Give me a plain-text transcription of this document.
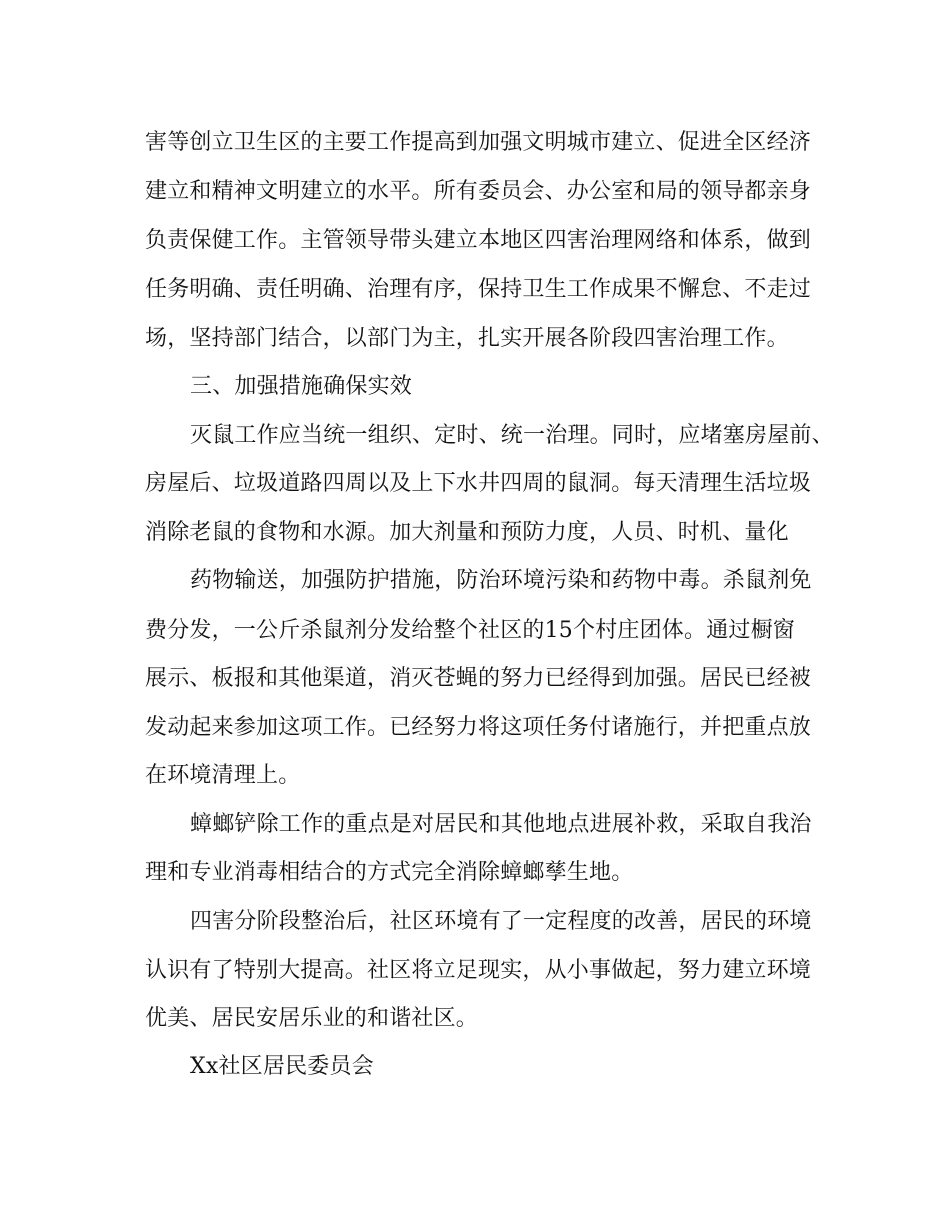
害等创立卫生区的主要工作提高到加强文明城市建立、促进全区经济
建立和精神文明建立的水平。所有委员会、办公室和局的领导都亲身
负责保健工作。主管领导带头建立本地区四害治理网络和体系，做到
任务明确、责任明确、治理有序，保持卫生工作成果不懈怠、不走过
场，坚持部门结合，以部门为主，扎实开展各阶段四害治理工作。
三、加强措施确保实效
灭鼠工作应当统一组织、定时、统一治理。同时，应堵塞房屋前、
房屋后、垃圾道路四周以及上下水井四周的鼠洞。每天清理生活垃圾
消除老鼠的食物和水源。加大剂量和预防力度，人员、时机、量化
药物输送，加强防护措施，防治环境污染和药物中毒。杀鼠剂免
费分发，一公斤杀鼠剂分发给整个社区的15个村庄团体。通过橱窗
展示、板报和其他渠道，消灭苍蝇的努力已经得到加强。居民已经被
发动起来参加这项工作。已经努力将这项任务付诸施行，并把重点放
在环境清理上。
蟑螂铲除工作的重点是对居民和其他地点进展补救，采取自我治
理和专业消毒相结合的方式完全消除蟑螂孳生地。
四害分阶段整治后，社区环境有了一定程度的改善，居民的环境
认识有了特别大提高。社区将立足现实，从小事做起，努力建立环境
优美、居民安居乐业的和谐社区。
Xx社区居民委员会
